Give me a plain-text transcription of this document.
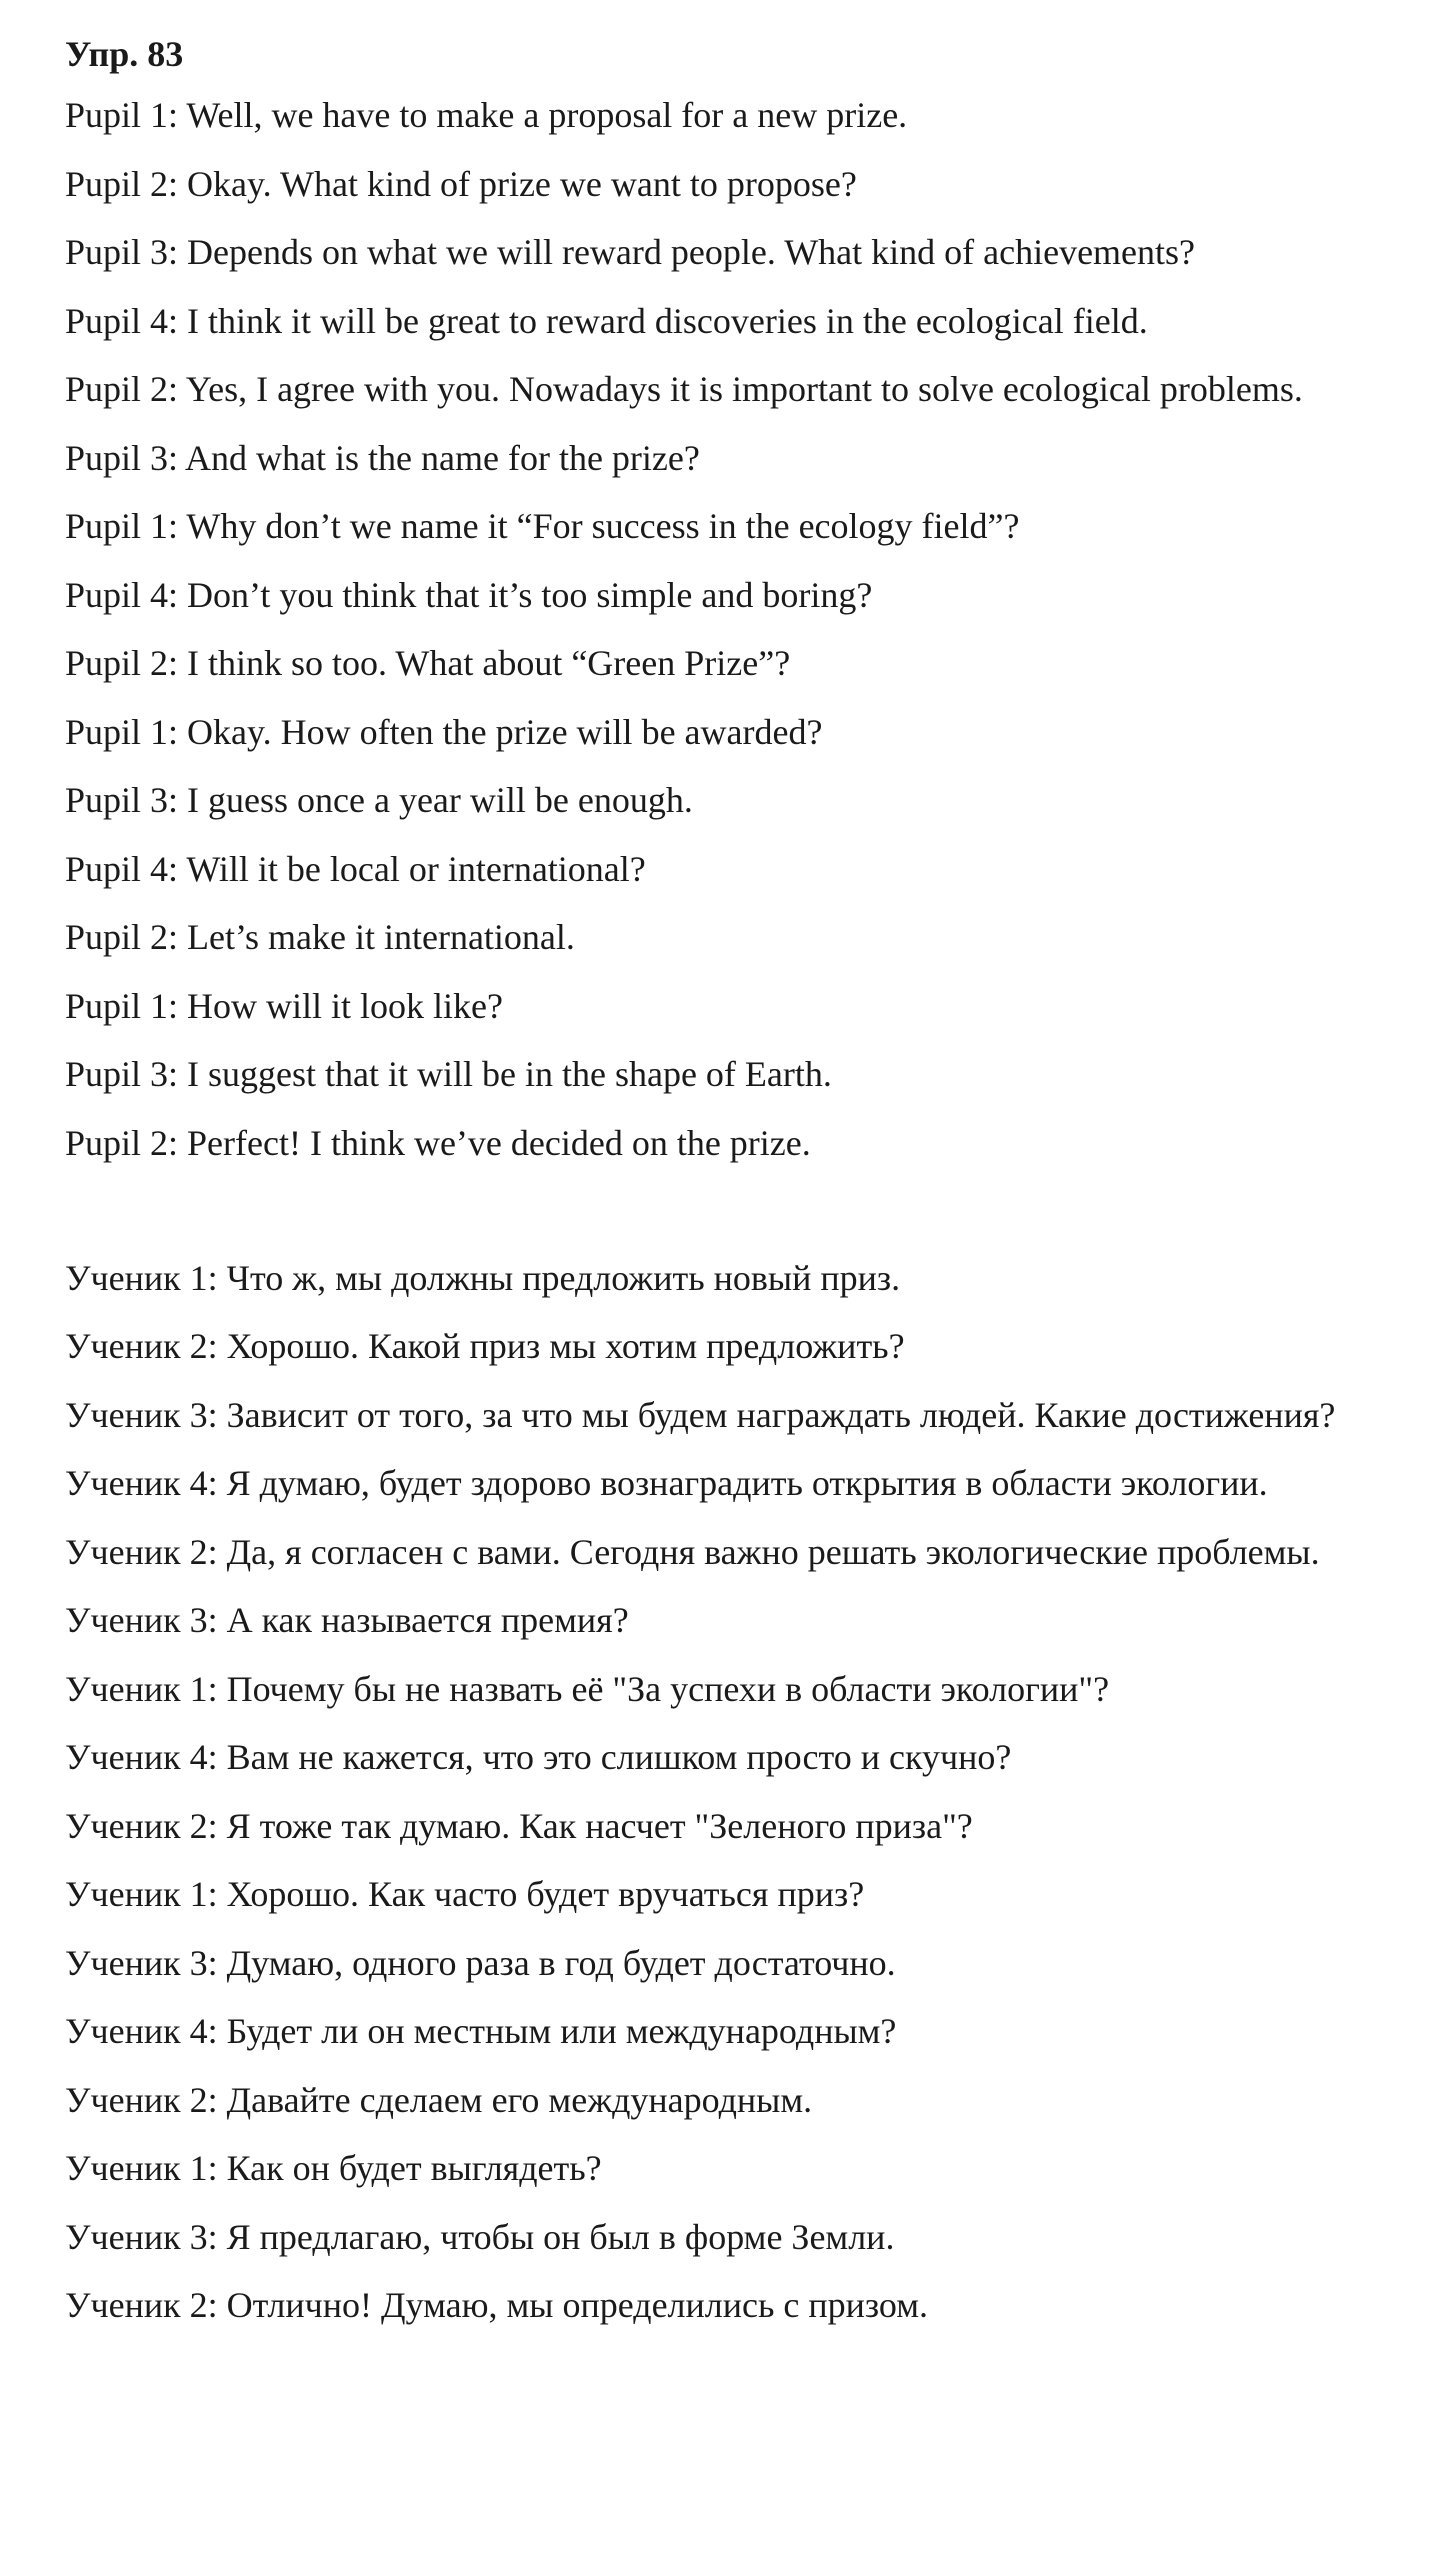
Упр. 83

Pupil 1: Well, we have to make a proposal for a new prize.

Pupil 2: Okay. What kind of prize we want to propose?

Pupil 3: Depends on what we will reward people. What kind of achievements?

Pupil 4: I think it will be great to reward discoveries in the ecological field.

Pupil 2: Yes, I agree with you. Nowadays it is important to solve ecological problems.

Pupil 3: And what is the name for the prize?

Pupil 1: Why don’t we name it “For success in the ecology field”?

Pupil 4: Don’t you think that it’s too simple and boring?

Pupil 2: I think so too. What about “Green Prize”?

Pupil 1: Okay. How often the prize will be awarded?

Pupil 3: I guess once a year will be enough.

Pupil 4: Will it be local or international?

Pupil 2: Let’s make it international.

Pupil 1: How will it look like?

Pupil 3: I suggest that it will be in the shape of Earth.

Pupil 2: Perfect! I think we’ve decided on the prize.

Ученик 1: Что ж, мы должны предложить новый приз.

Ученик 2: Хорошо. Какой приз мы хотим предложить?

Ученик 3: Зависит от того, за что мы будем награждать людей. Какие достижения?

Ученик 4: Я думаю, будет здорово вознаградить открытия в области экологии.

Ученик 2: Да, я согласен с вами. Сегодня важно решать экологические проблемы.

Ученик 3: А как называется премия?

Ученик 1: Почему бы не назвать её "За успехи в области экологии"?

Ученик 4: Вам не кажется, что это слишком просто и скучно?

Ученик 2: Я тоже так думаю. Как насчет "Зеленого приза"?

Ученик 1: Хорошо. Как часто будет вручаться приз?

Ученик 3: Думаю, одного раза в год будет достаточно.

Ученик 4: Будет ли он местным или международным?

Ученик 2: Давайте сделаем его международным.

Ученик 1: Как он будет выглядеть?

Ученик 3: Я предлагаю, чтобы он был в форме Земли.

Ученик 2: Отлично! Думаю, мы определились с призом.
